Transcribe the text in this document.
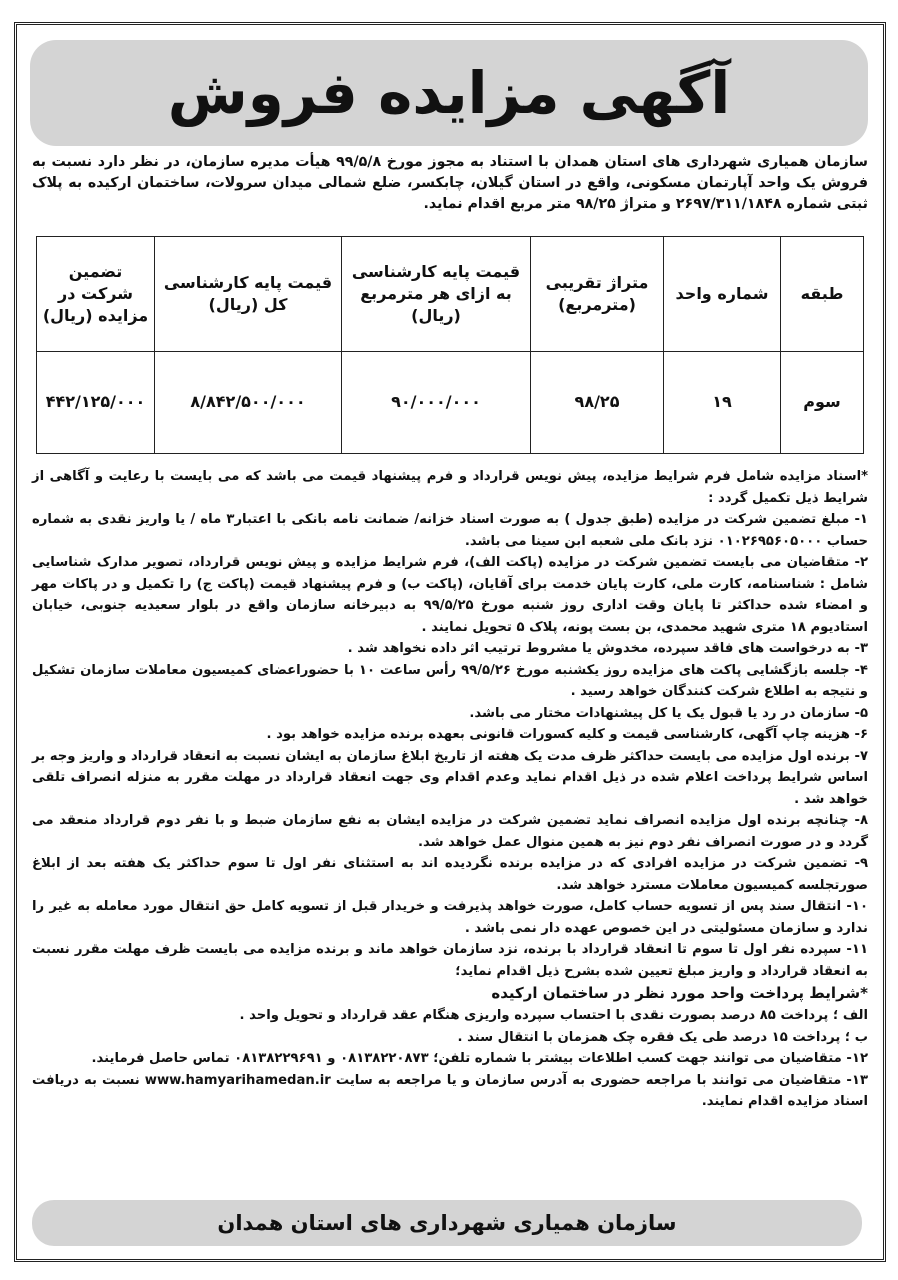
آگهی مزایده فروش
سازمان همیاری شهرداری های استان همدان با استناد به مجوز مورخ ۹۹/۵/۸ هیأت مدیره سازمان، در نظر دارد نسبت به فروش یک واحد آپارتمان مسکونی، واقع در استان گیلان، چابکسر، ضلع شمالی میدان سرولات، ساختمان ارکیده به پلاک ثبتی شماره ۲۶۹۷/۳۱۱/۱۸۴۸ و متراژ ۹۸/۲۵ متر مربع اقدام نماید.
طبقه	شماره واحد	متراژ تقریبی (مترمربع)	قیمت پایه کارشناسی به ازای هر مترمربع (ریال)	قیمت پایه کارشناسی کل (ریال)	تضمین شرکت در مزایده (ریال)
سوم	۱۹	۹۸/۲۵	۹۰/۰۰۰/۰۰۰	۸/۸۴۲/۵۰۰/۰۰۰	۴۴۲/۱۲۵/۰۰۰

*اسناد مزایده شامل فرم شرایط مزایده، پیش نویس قرارداد و فرم پیشنهاد قیمت می باشد که می بایست با رعایت و آگاهی از شرایط ذیل تکمیل گردد :

۱- مبلغ تضمین شرکت در مزایده (طبق جدول ) به صورت اسناد خزانه/ ضمانت نامه بانکی با اعتبار۳ ماه / یا واریز نقدی به شماره حساب ۰۱۰۲۶۹۵۶۰۵۰۰۰ نزد بانک ملی شعبه ابن سینا می باشد.

۲- متقاضیان می بایست تضمین شرکت در مزایده (پاکت الف)، فرم شرایط مزایده و پیش نویس قرارداد، تصویر مدارک شناسایی شامل : شناسنامه، کارت ملی، کارت پایان خدمت برای آقایان، (پاکت ب) و فرم پیشنهاد قیمت (پاکت ج) را تکمیل و در پاکات مهر و امضاء شده حداکثر تا پایان وقت اداری روز شنبه مورخ ۹۹/۵/۲۵ به دبیرخانه سازمان واقع در بلوار سعیدیه جنوبی، خیابان استادیوم ۱۸ متری شهید محمدی، بن بست پونه، پلاک ۵ تحویل نمایند .

۳- به درخواست های فاقد سپرده، مخدوش یا مشروط ترتیب اثر داده نخواهد شد .

۴- جلسه بازگشایی پاکت های مزایده روز یکشنبه مورخ ۹۹/۵/۲۶ رأس ساعت ۱۰ با حضوراعضای کمیسیون معاملات سازمان تشکیل و نتیجه به اطلاع شرکت کنندگان خواهد رسید .

۵- سازمان در رد یا قبول یک یا کل پیشنهادات مختار می باشد.

۶- هزینه چاپ آگهی، کارشناسی قیمت و کلیه کسورات قانونی بعهده برنده مزایده خواهد بود .

۷- برنده اول مزایده می بایست حداکثر ظرف مدت یک هفته از تاریخ ابلاغ سازمان به ایشان نسبت به انعقاد قرارداد و واریز وجه بر اساس شرایط پرداخت اعلام شده در ذیل اقدام نماید وعدم اقدام وی جهت انعقاد قرارداد در مهلت مقرر به منزله انصراف تلقی خواهد شد .

۸- چنانچه برنده اول مزایده انصراف نماید تضمین شرکت در مزایده ایشان به نفع سازمان ضبط و با نفر دوم قرارداد منعقد می گردد و در صورت انصراف نفر دوم نیز به همین منوال عمل خواهد شد.

۹- تضمین شرکت در مزایده افرادی که در مزایده برنده نگردیده اند به استثنای نفر اول تا سوم حداکثر یک هفته بعد از ابلاغ صورتجلسه کمیسیون معاملات مسترد خواهد شد.

۱۰- انتقال سند پس از تسویه حساب کامل، صورت خواهد پذیرفت و خریدار قبل از تسویه کامل حق انتقال مورد معامله به غیر را ندارد و سازمان مسئولیتی در این خصوص عهده دار نمی باشد .

۱۱- سپرده نفر اول تا سوم تا انعقاد قرارداد با برنده، نزد سازمان خواهد ماند و برنده مزایده می بایست ظرف مهلت مقرر نسبت به انعقاد قرارداد و واریز مبلغ تعیین شده بشرح ذیل اقدام نماید؛

*شرایط پرداخت واحد مورد نظر در ساختمان ارکیده

الف ؛ پرداخت ۸۵ درصد بصورت نقدی با احتساب سپرده واریزی هنگام عقد قرارداد و تحویل واحد .

ب ؛ پرداخت ۱۵ درصد طی یک فقره چک همزمان با انتقال سند .

۱۲- متقاضیان می توانند جهت کسب اطلاعات بیشتر با شماره تلفن؛ ۰۸۱۳۸۲۲۰۸۷۳ و ۰۸۱۳۸۲۲۹۶۹۱ تماس حاصل فرمایند.

۱۳- متقاضیان می توانند با مراجعه حضوری به آدرس سازمان و یا مراجعه به سایت www.hamyarihamedan.ir نسبت به دریافت اسناد مزایده اقدام نمایند.

سازمان همیاری شهرداری های استان همدان
